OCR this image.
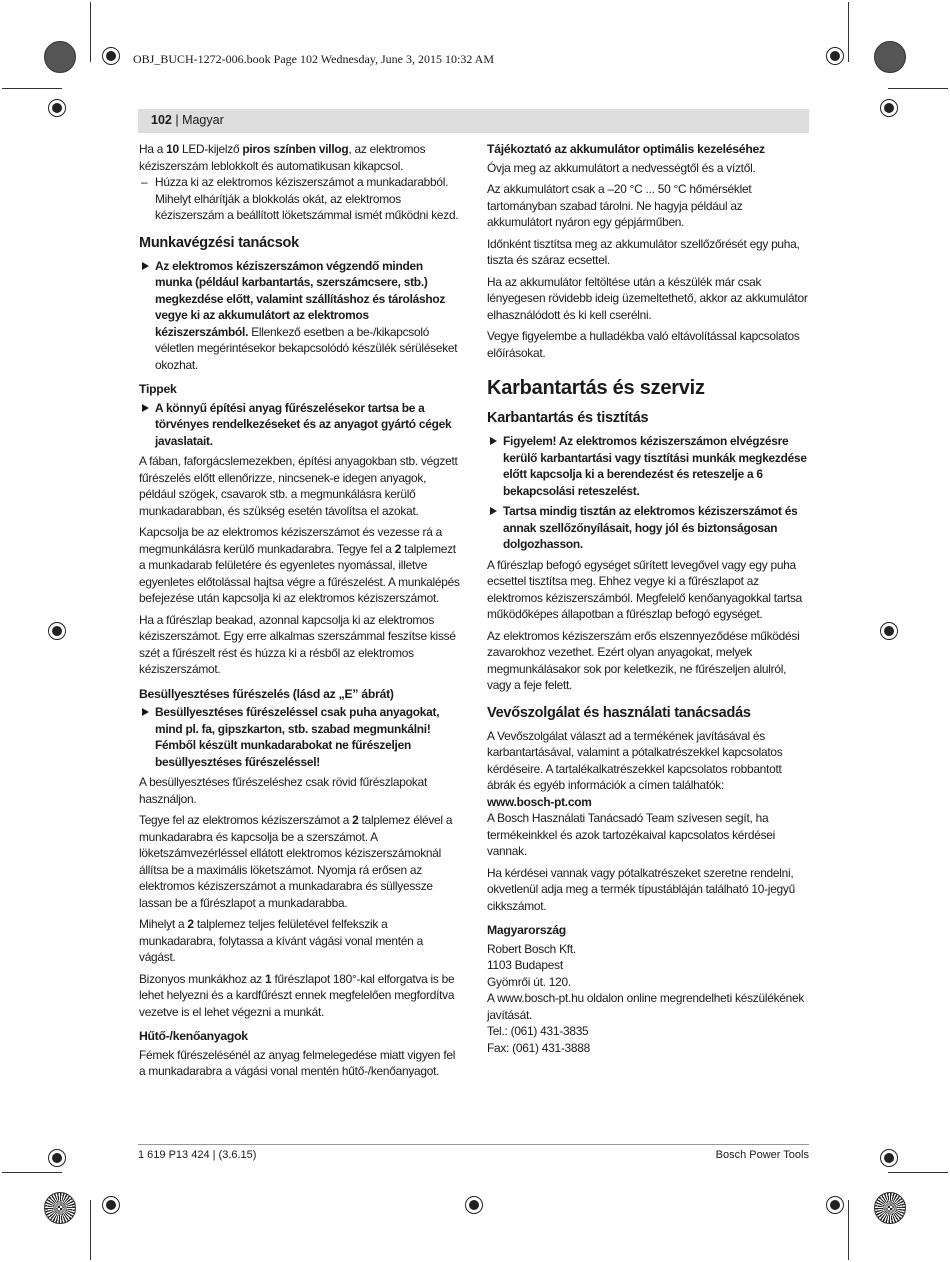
OBJ_BUCH-1272-006.book Page 102 Wednesday, June 3, 2015 10:32 AM
102 | Magyar

Ha a 10 LED-kijelző piros színben villog, az elektromos kéziszerszám leblokkolt és automatikusan kikapcsol.

– Húzza ki az elektromos kéziszerszámot a munkadarabból. Mihelyt elhárítják a blokkolás okát, az elektromos kéziszerszám a beállított löketszámmal ismét működni kezd.
Munkavégzési tanácsok
Az elektromos kéziszerszámon végzendő minden munka (például karbantartás, szerszámcsere, stb.) megkezdése előtt, valamint szállításhoz és tároláshoz vegye ki az akkumulátort az elektromos kéziszerszámból. Ellenkező esetben a be-/kikapcsoló véletlen megérintésekor bekapcsolódó készülék sérüléseket okozhat.
Tippek
A könnyű építési anyag fűrészelésekor tartsa be a törvényes rendelkezéseket és az anyagot gyártó cégek javaslatait.

A fában, faforgácslemezekben, építési anyagokban stb. végzett fűrészelés előtt ellenőrizze, nincsenek-e idegen anyagok, például szögek, csavarok stb. a megmunkálásra kerülő munkadarabban, és szükség esetén távolítsa el azokat.

Kapcsolja be az elektromos kéziszerszámot és vezesse rá a megmunkálásra kerülő munkadarabra. Tegye fel a 2 talplemezt a munkadarab felületére és egyenletes nyomással, illetve egyenletes előtolással hajtsa végre a fűrészelést. A munkalépés befejezése után kapcsolja ki az elektromos kéziszerszámot.

Ha a fűrészlap beakad, azonnal kapcsolja ki az elektromos kéziszerszámot. Egy erre alkalmas szerszámmal feszítse kissé szét a fűrészelt rést és húzza ki a résből az elektromos kéziszerszámot.

Besüllyesztéses fűrészelés (lásd az „E” ábrát)
Besüllyesztéses fűrészeléssel csak puha anyagokat, mind pl. fa, gipszkarton, stb. szabad megmunkálni! Fémből készült munkadarabokat ne fűrészeljen besüllyesztéses fűrészeléssel!

A besüllyesztéses fűrészeléshez csak rövid fűrészlapokat használjon.

Tegye fel az elektromos kéziszerszámot a 2 talplemez élével a munkadarabra és kapcsolja be a szerszámot. A löketszámvezérléssel ellátott elektromos kéziszerszámoknál állítsa be a maximális löketszámot. Nyomja rá erősen az elektromos kéziszerszámot a munkadarabra és süllyessze lassan be a fűrészlapot a munkadarabba.

Mihelyt a 2 talplemez teljes felületével felfekszik a munkadarabra, folytassa a kívánt vágási vonal mentén a vágást.

Bizonyos munkákhoz az 1 fűrészlapot 180°-kal elforgatva is be lehet helyezni és a kardfűrészt ennek megfelelően megfordítva vezetve is el lehet végezni a munkát.

Hűtő-/kenőanyagok

Fémek fűrészelésénél az anyag felmelegedése miatt vigyen fel a munkadarabra a vágási vonal mentén hűtő-/kenőanyagot.

Tájékoztató az akkumulátor optimális kezeléséhez

Óvja meg az akkumulátort a nedvességtől és a víztől.

Az akkumulátort csak a –20 °C ... 50 °C hőmérséklet tartományban szabad tárolni. Ne hagyja például az akkumulátort nyáron egy gépjárműben.

Időnként tisztítsa meg az akkumulátor szellőzőrését egy puha, tiszta és száraz ecsettel.

Ha az akkumulátor feltöltése után a készülék már csak lényegesen rövidebb ideig üzemeltethető, akkor az akkumulátor elhasználódott és ki kell cserélni.

Vegye figyelembe a hulladékba való eltávolítással kapcsolatos előírásokat.

Karbantartás és szerviz
Karbantartás és tisztítás
Figyelem! Az elektromos kéziszerszámon elvégzésre kerülő karbantartási vagy tisztítási munkák megkezdése előtt kapcsolja ki a berendezést és reteszelje a 6 bekapcsolási reteszelést.
Tartsa mindig tisztán az elektromos kéziszerszámot és annak szellőzőnyílásait, hogy jól és biztonságosan dolgozhasson.

A fűrészlap befogó egységet sűrített levegővel vagy egy puha ecsettel tisztítsa meg. Ehhez vegye ki a fűrészlapot az elektromos kéziszerszámból. Megfelelő kenőanyagokkal tartsa működőképes állapotban a fűrészlap befogó egységet.

Az elektromos kéziszerszám erős elszennyeződése működési zavarokhoz vezethet. Ezért olyan anyagokat, melyek megmunkálásakor sok por keletkezik, ne fűrészeljen alulról, vagy a feje felett.

Vevőszolgálat és használati tanácsadás

A Vevőszolgálat választ ad a termékének javításával és karbantartásával, valamint a pótalkatrészekkel kapcsolatos kérdéseire. A tartalékalkatrészekkel kapcsolatos robbantott ábrák és egyéb információk a címen találhatók:

www.bosch-pt.com

A Bosch Használati Tanácsadó Team szívesen segít, ha termékeinkkel és azok tartozékaival kapcsolatos kérdései vannak.

Ha kérdései vannak vagy pótalkatrészeket szeretne rendelni, okvetlenül adja meg a termék típustábláján található 10-jegyű cikkszámot.

Magyarország
Robert Bosch Kft.
1103 Budapest
Gyömrői út. 120.
A www.bosch-pt.hu oldalon online megrendelheti készülékének javítását.
Tel.: (061) 431-3835
Fax: (061) 431-3888
1 619 P13 424 | (3.6.15)	Bosch Power Tools
